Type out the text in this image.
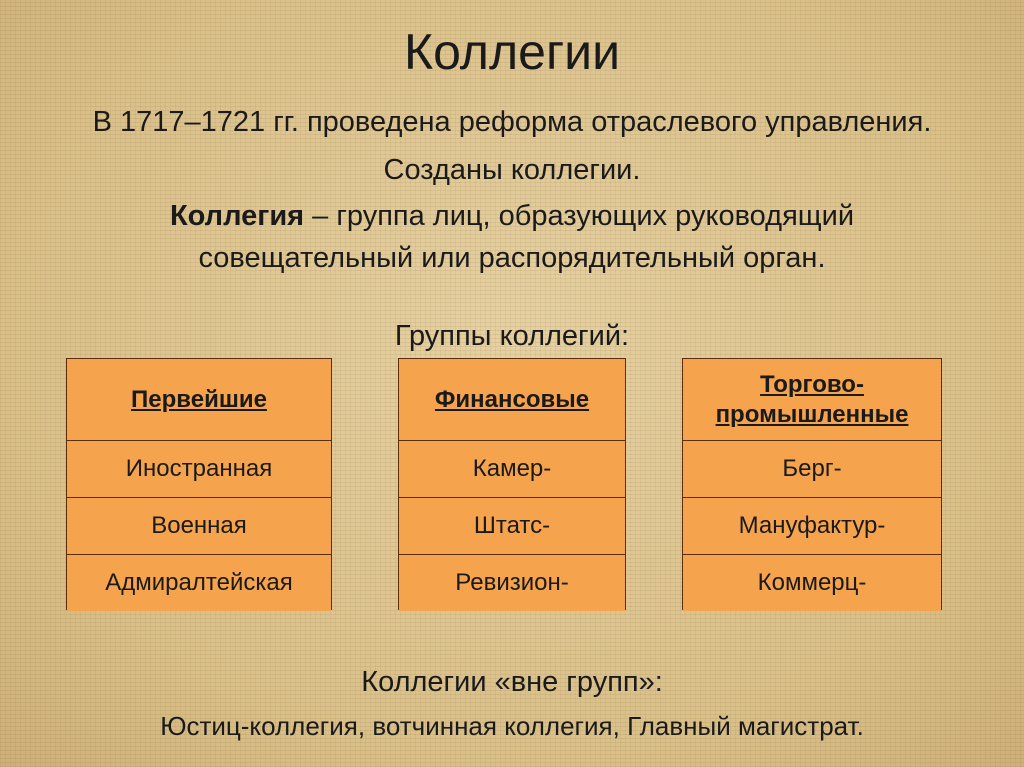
Коллегии
В 1717–1721 гг. проведена реформа отраслевого управления.
Созданы коллегии.
Коллегия – группа лиц, образующих руководящий
совещательный или распорядительный орган.
Группы коллегий:
Первейшие
Иностранная
Военная
Адмиралтейская
Финансовые
Камер-
Штатс-
Ревизион-
Торгово-
промышленные
Берг-
Мануфактур-
Коммерц-
Коллегии «вне групп»:
Юстиц-коллегия, вотчинная коллегия, Главный магистрат.
